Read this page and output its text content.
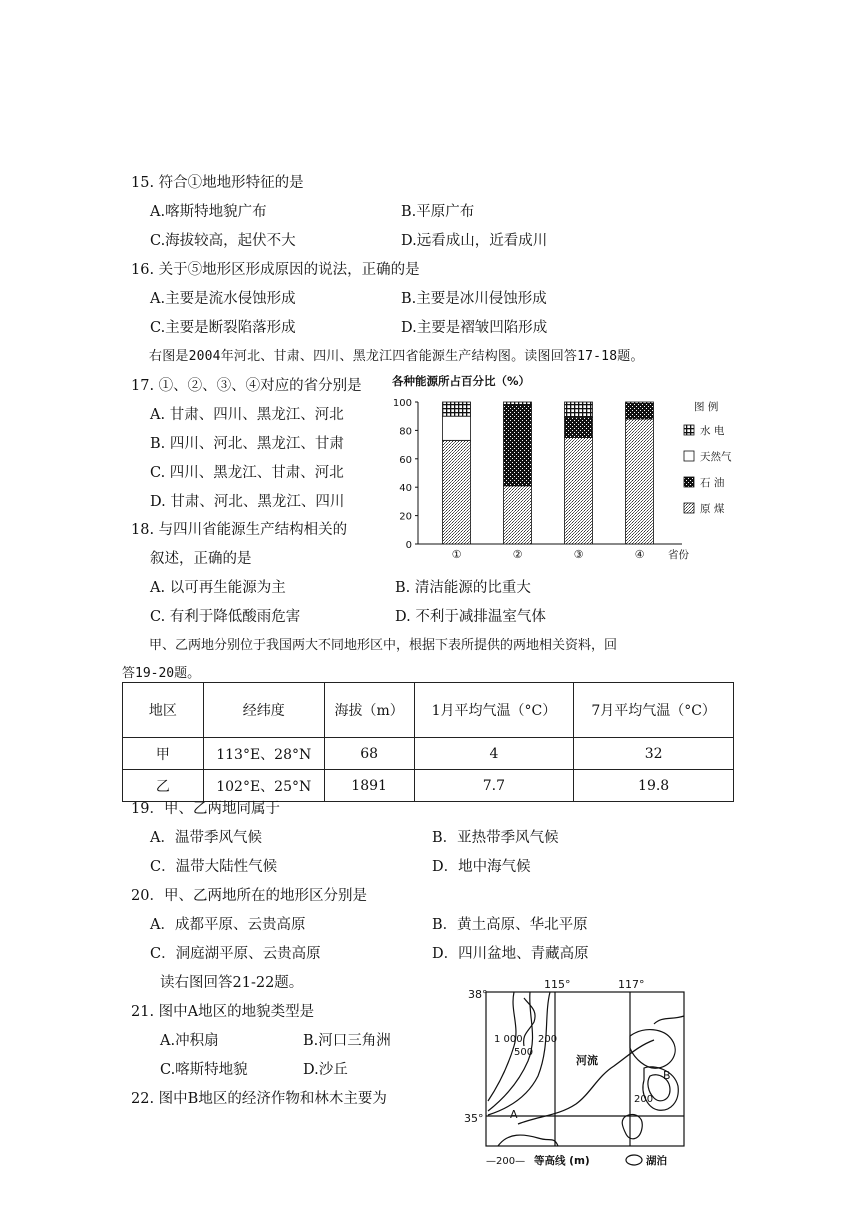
15. 符合①地地形特征的是
A.喀斯特地貌广布	B.平原广布
C.海拔较高，起伏不大	D.远看成山，近看成川
16. 关于⑤地形区形成原因的说法，正确的是
A.主要是流水侵蚀形成	B.主要是冰川侵蚀形成
C.主要是断裂陷落形成	D.主要是褶皱凹陷形成
右图是2004年河北、甘肃、四川、黑龙江四省能源生产结构图。读图回答17-18题。
17. ①、②、③、④对应的省分别是
A. 甘肃、四川、黑龙江、河北
B. 四川、河北、黑龙江、甘肃
C. 四川、黑龙江、甘肃、河北
D. 甘肃、河北、黑龙江、四川
18. 与四川省能源生产结构相关的
叙述，正确的是
A. 以可再生能源为主	B. 清洁能源的比重大
C. 有利于降低酸雨危害	D. 不利于减排温室气体
各种能源所占百分比（%）
0
20
40
60
80
100
①	②	③	④ 省份
图 例
水 电
天然气
石 油
原 煤
甲、乙两地分别位于我国两大不同地形区中，根据下表所提供的两地相关资料，回
答19-20题。
地区	经纬度	海拔（m）	1月平均气温（°C）	7月平均气温（°C）
甲	113°E、28°N	68	4	32
乙	102°E、25°N	1891	7.7	19.8
19．甲、乙两地同属于
A．温带季风气候	B．亚热带季风气候
C．温带大陆性气候	D．地中海气候
20．甲、乙两地所在的地形区分别是
A．成都平原、云贵高原	B．黄土高原、华北平原
C．洞庭湖平原、云贵高原	D．四川盆地、青藏高原
读右图回答21-22题。
21. 图中A地区的地貌类型是
A.冲积扇	B.河口三角洲
C.喀斯特地貌	D.沙丘
22. 图中B地区的经济作物和林木主要为
38°
115°	117°
35°
1 000 200
500
河流
B
200
A
—200— 等高线 (m)	湖泊
